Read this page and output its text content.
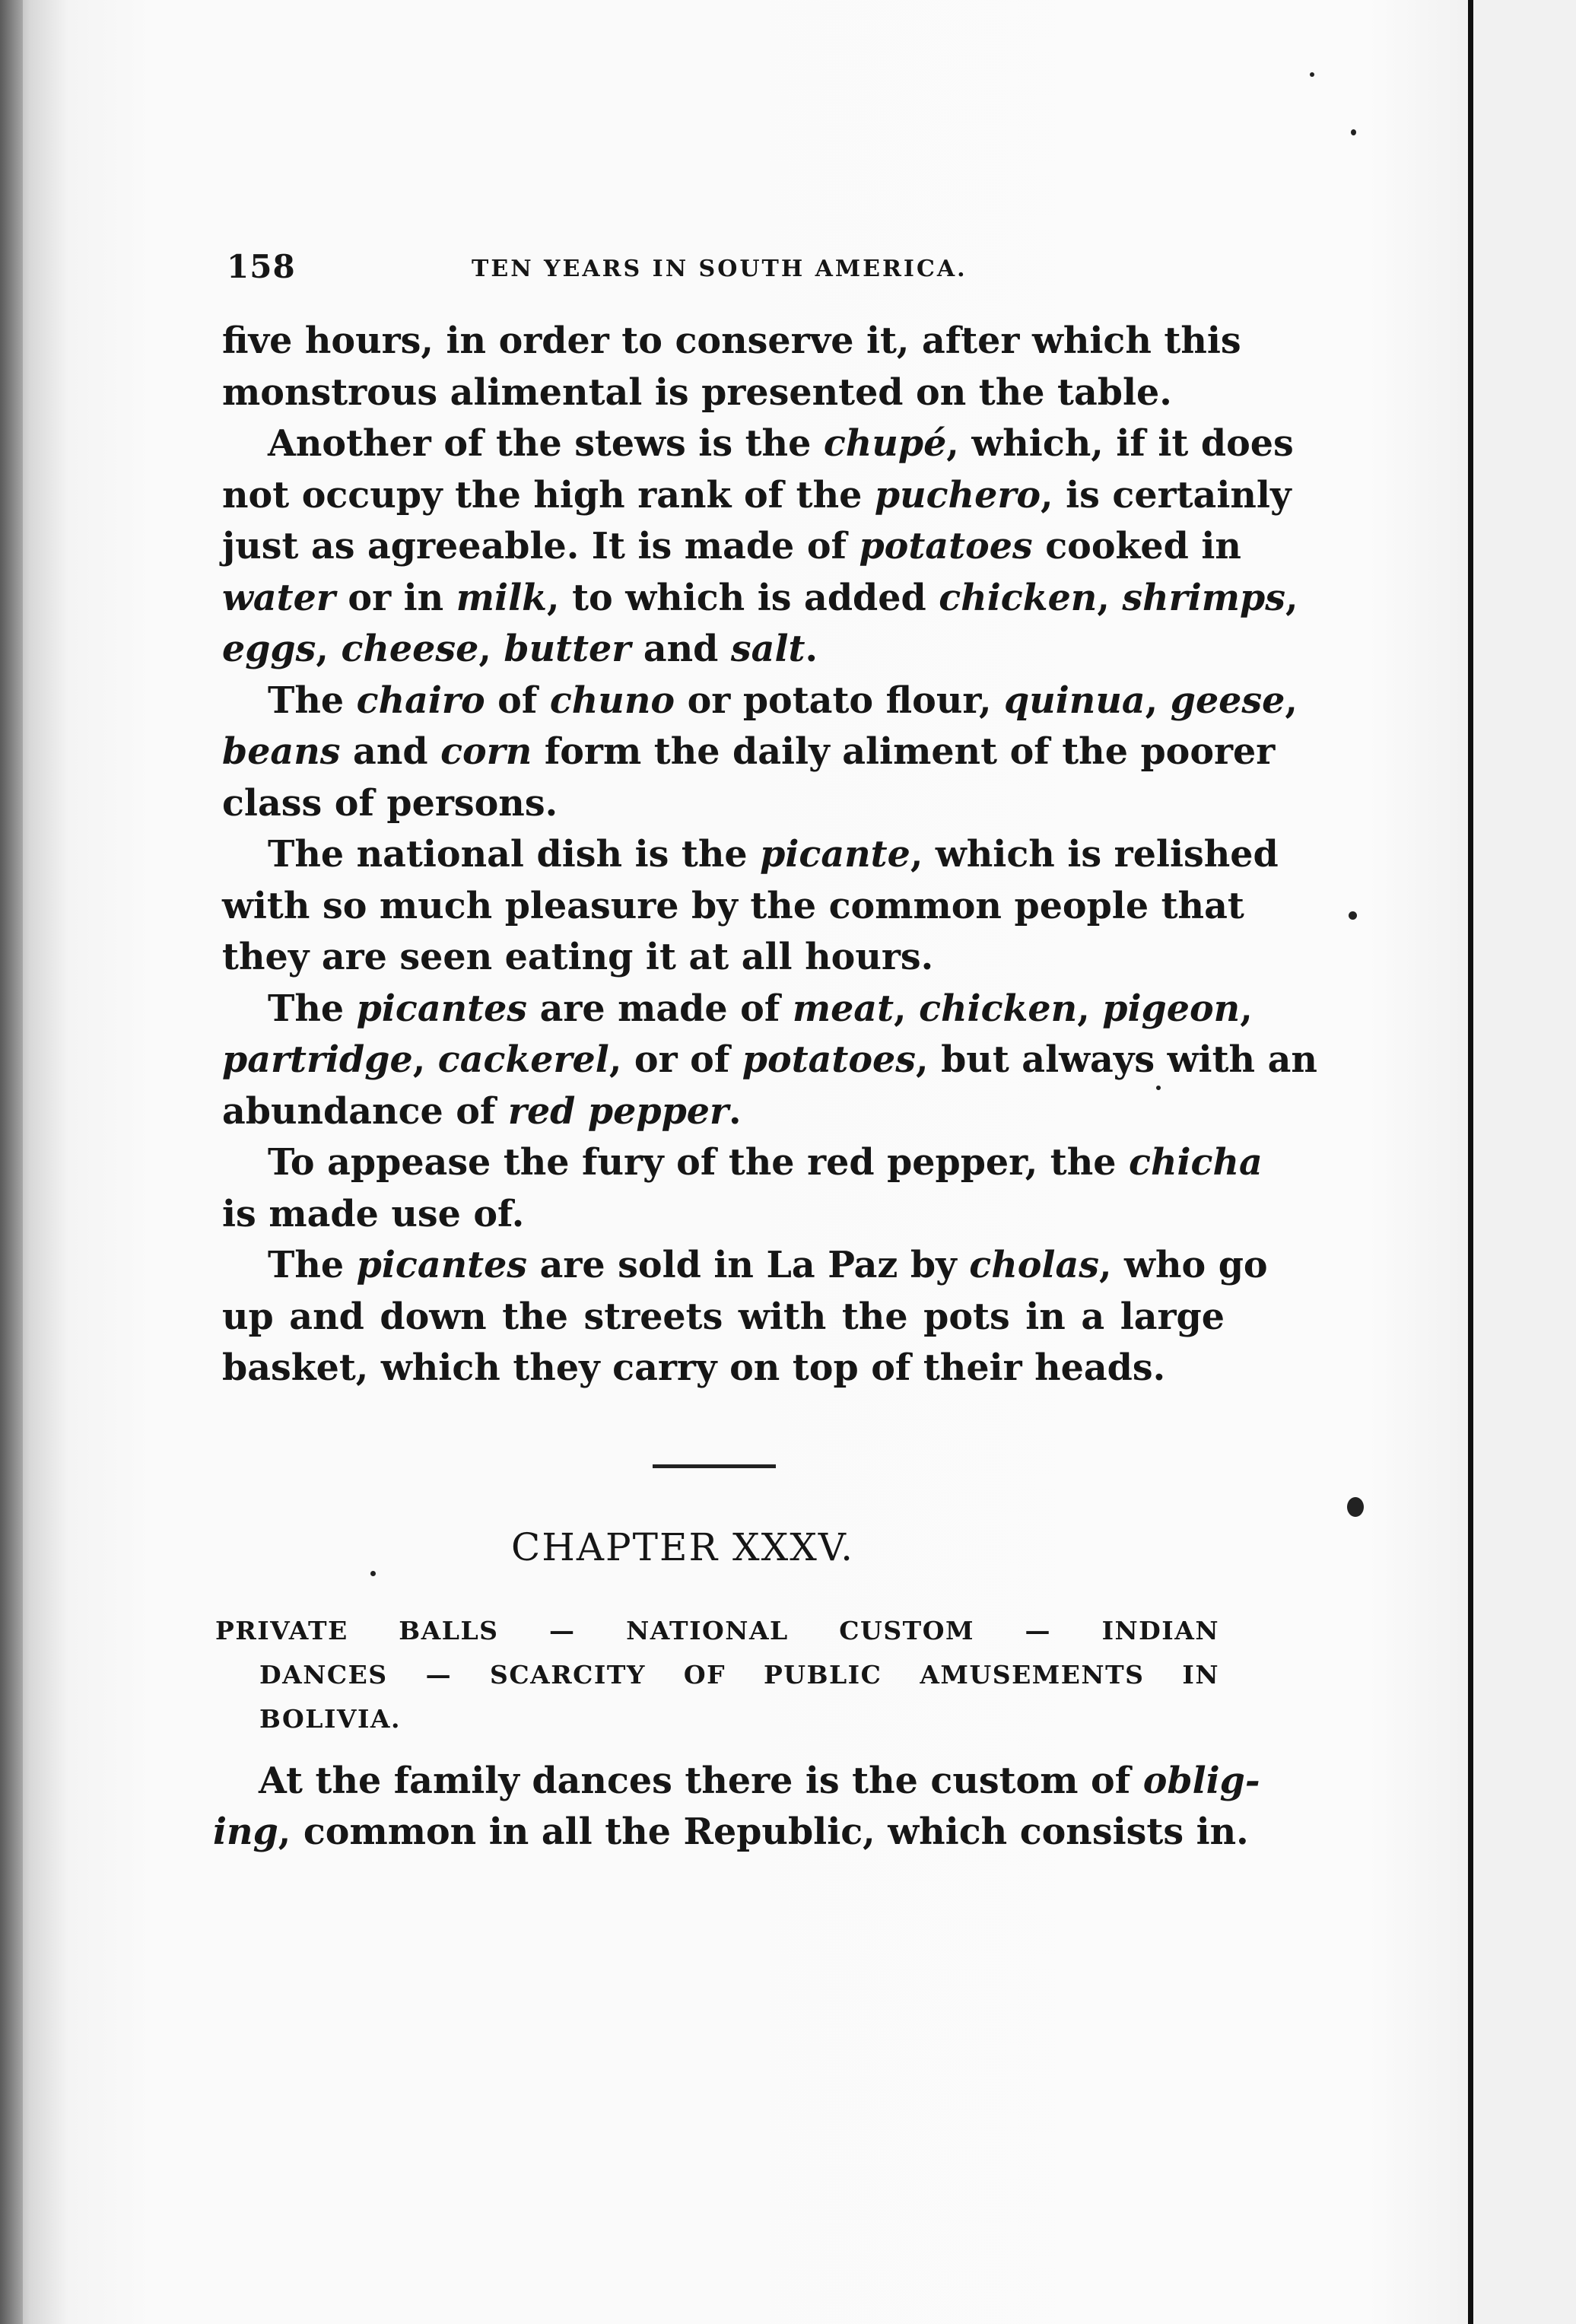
158	TEN YEARS IN SOUTH AMERICA.
five hours, in order to conserve it, after which this
monstrous alimental is presented on the table.
Another of the stews is the chupé, which, if it does
not occupy the high rank of the puchero, is certainly
just as agreeable. It is made of potatoes cooked in
water or in milk, to which is added chicken, shrimps,
eggs, cheese, butter and salt.
The chairo of chuno or potato flour, quinua, geese,
beans and corn form the daily aliment of the poorer
class of persons.
The national dish is the picante, which is relished
with so much pleasure by the common people that
they are seen eating it at all hours.
The picantes are made of meat, chicken, pigeon,
partridge, cackerel, or of potatoes, but always with an
abundance of red pepper.
To appease the fury of the red pepper, the chicha
is made use of.
The picantes are sold in La Paz by cholas, who go
up and down the streets with the pots in a large
basket, which they carry on top of their heads.
CHAPTER XXXV.
PRIVATE BALLS — NATIONAL CUSTOM — INDIAN
DANCES — SCARCITY OF PUBLIC AMUSEMENTS IN
BOLIVIA.
At the family dances there is the custom of oblig-
ing, common in all the Republic, which consists in.
